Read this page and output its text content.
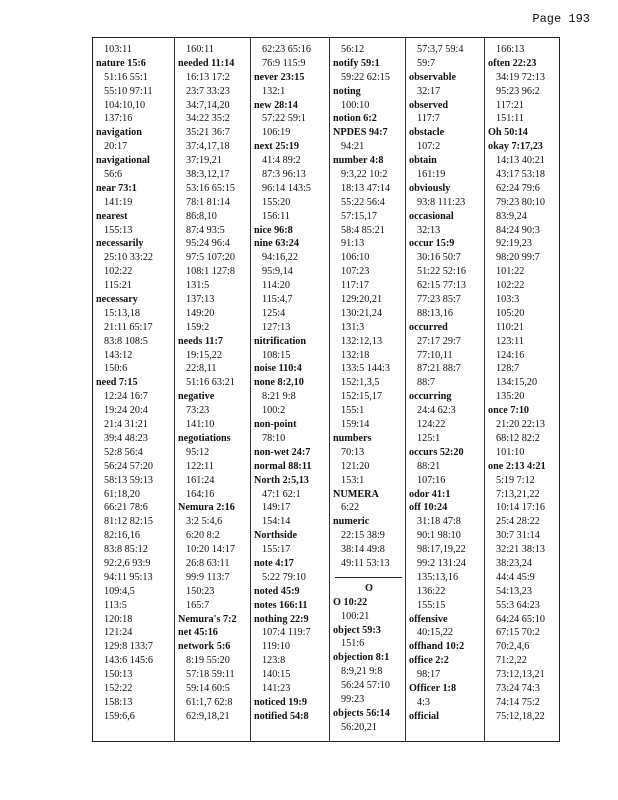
Page 193
103:11
nature 15:6
51:16 55:1
55:10 97:11
104:10,10
137:16
navigation
20:17
navigational
56:6
near 73:1
141:19
nearest
155:13
necessarily
25:10 33:22
102:22
115:21
necessary
15:13,18
21:11 65:17
83:8 108:5
143:12
150:6
need 7:15
12:24 16:7
19:24 20:4
21:4 31:21
39:4 48:23
52:8 56:4
56:24 57:20
58:13 59:13
61:18,20
66:21 78:6
81:12 82:15
82:16,16
83:8 85:12
92:2,6 93:9
94:11 95:13
109:4,5
113:5
120:18
121:24
129:8 133:7
143:6 145:6
150:13
152:22
158:13
159:6,6
160:11
needed 11:14
16:13 17:2
23:7 33:23
34:7,14,20
34:22 35:2
35:21 36:7
37:4,17,18
37:19,21
38:3,12,17
53:16 65:15
78:1 81:14
86:8,10
87:4 93:5
95:24 96:4
97:5 107:20
108:1 127:8
131:5
137:13
149:20
159:2
needs 11:7
19:15,22
22:8,11
51:16 63:21
negative
73:23
141:10
negotiations
95:12
122:11
161:24
164:16
Nemura 2:16
3:2 5:4,6
6:20 8:2
10:20 14:17
26:8 63:11
99:9 113:7
150:23
165:7
Nemura's 7:2
net 45:16
network 5:6
8:19 55:20
57:18 59:11
59:14 60:5
61:1,7 62:8
62:9,18,21
62:23 65:16
76:9 115:9
never 23:15
132:1
new 28:14
57:22 59:1
106:19
next 25:19
41:4 89:2
87:3 96:13
96:14 143:5
155:20
156:11
nice 96:8
nine 63:24
94:16,22
95:9,14
114:20
115:4,7
125:4
127:13
nitrification
108:15
noise 110:4
none 8:2,10
8:21 9:8
100:2
non-point
78:10
non-wet 24:7
normal 88:11
North 2:5,13
47:1 62:1
149:17
154:14
Northside
155:17
note 4:17
5:22 79:10
noted 45:9
notes 166:11
nothing 22:9
107:4 119:7
119:10
123:8
140:15
141:23
noticed 19:9
notified 54:8
56:12
notify 59:1
59:22 62:15
noting
100:10
notion 6:2
NPDES 94:7
94:21
number 4:8
9:3,22 10:2
18:13 47:14
55:22 56:4
57:15,17
58:4 85:21
91:13
106:10
107:23
117:17
129:20,21
130:21,24
131:3
132:12,13
132:18
133:5 144:3
152:1,3,5
152:15,17
155:1
159:14
numbers
70:13
121:20
153:1
NUMERA
6:22
numeric
22:15 38:9
38:14 49:8
49:11 53:13
O
O 10:22
100:21
object 59:3
151:6
objection 8:1
8:9,21 9:8
56:24 57:10
99:23
objects 56:14
56:20,21
57:3,7 59:4
59:7
observable
32:17
observed
117:7
obstacle
107:2
obtain
161:19
obviously
93:8 111:23
occasional
32:13
occur 15:9
30:16 50:7
51:22 52:16
62:15 77:13
77:23 85:7
88:13,16
occurred
27:17 29:7
77:10,11
87:21 88:7
88:7
occurring
24:4 62:3
124:22
125:1
occurs 52:20
88:21
107:16
odor 41:1
off 10:24
31:18 47:8
90:1 98:10
98:17,19,22
99:2 131:24
135:13,16
136:22
155:15
offensive
40:15,22
offhand 10:2
office 2:2
98:17
Officer 1:8
4:3
official
166:13
often 22:23
34:19 72:13
95:23 96:2
117:21
151:11
Oh 50:14
okay 7:17,23
14:13 40:21
43:17 53:18
62:24 79:6
79:23 80:10
83:9,24
84:24 90:3
92:19,23
98:20 99:7
101:22
102:22
103:3
105:20
110:21
123:11
124:16
128:7
134:15,20
135:20
once 7:10
21:20 22:13
68:12 82:2
101:10
one 2:13 4:21
5:19 7:12
7:13,21,22
10:14 17:16
25:4 28:22
30:7 31:14
32:21 38:13
38:23,24
44:4 45:9
54:13,23
55:3 64:23
64:24 65:10
67:15 70:2
70:2,4,6
71:2,22
73:12,13,21
73:24 74:3
74:14 75:2
75:12,18,22
